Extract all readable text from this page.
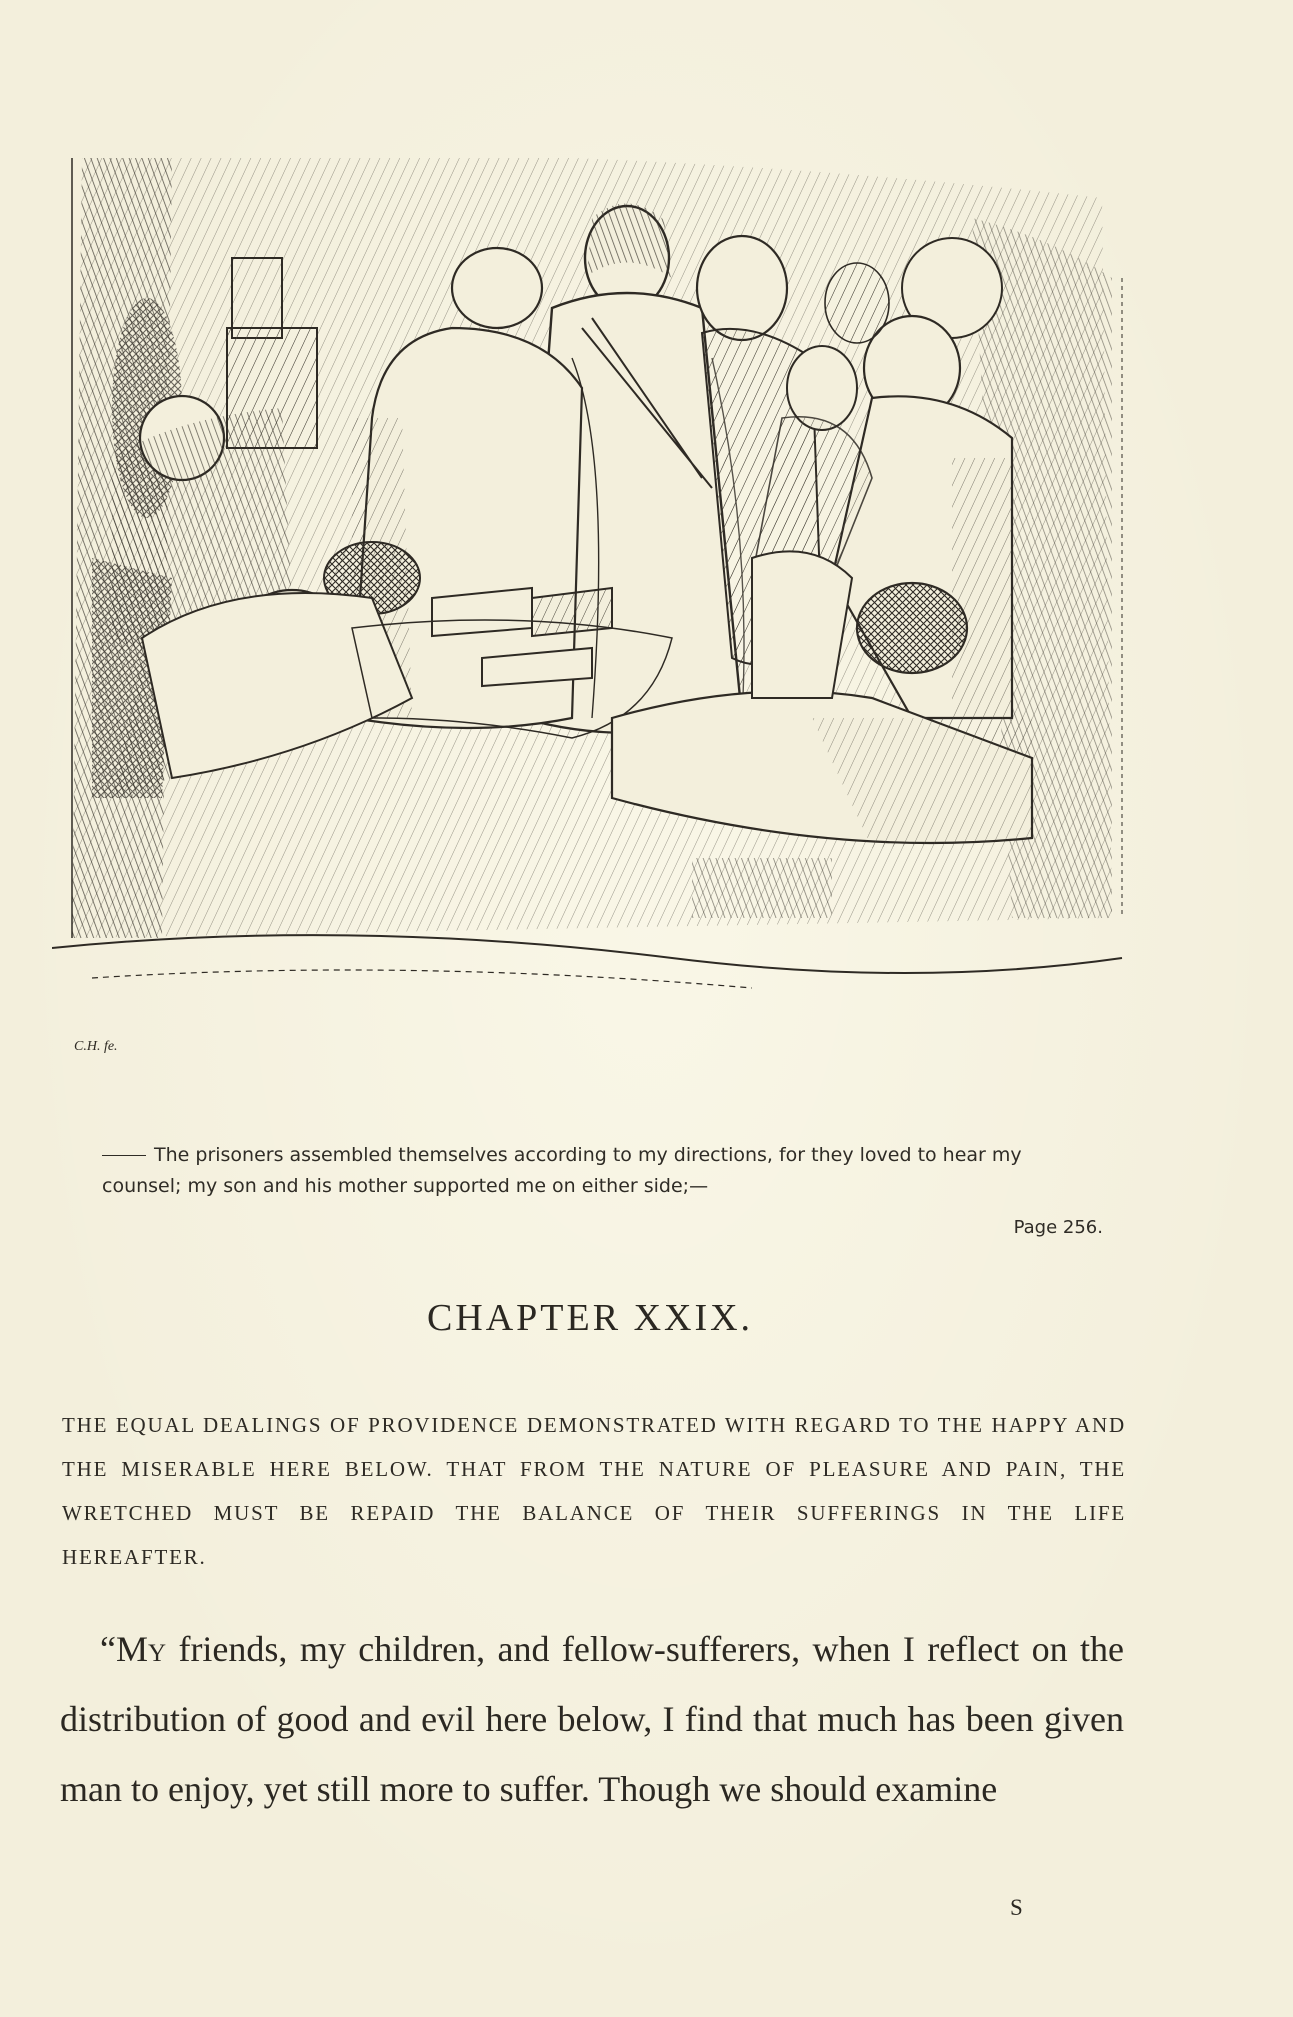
C.H. fe.
The prisoners assembled themselves according to my directions, for they loved to hear my counsel; my son and his mother supported me on either side;—
Page 256.
CHAPTER XXIX.
THE EQUAL DEALINGS OF PROVIDENCE DEMONSTRATED WITH REGARD TO THE HAPPY AND THE MISERABLE HERE BELOW. THAT FROM THE NATURE OF PLEASURE AND PAIN, THE WRETCHED MUST BE REPAID THE BALANCE OF THEIR SUFFERINGS IN THE LIFE HEREAFTER.
“My friends, my children, and fellow-sufferers, when I reflect on the distribution of good and evil here below, I find that much has been given man to enjoy, yet still more to suffer. Though we should examine
S
